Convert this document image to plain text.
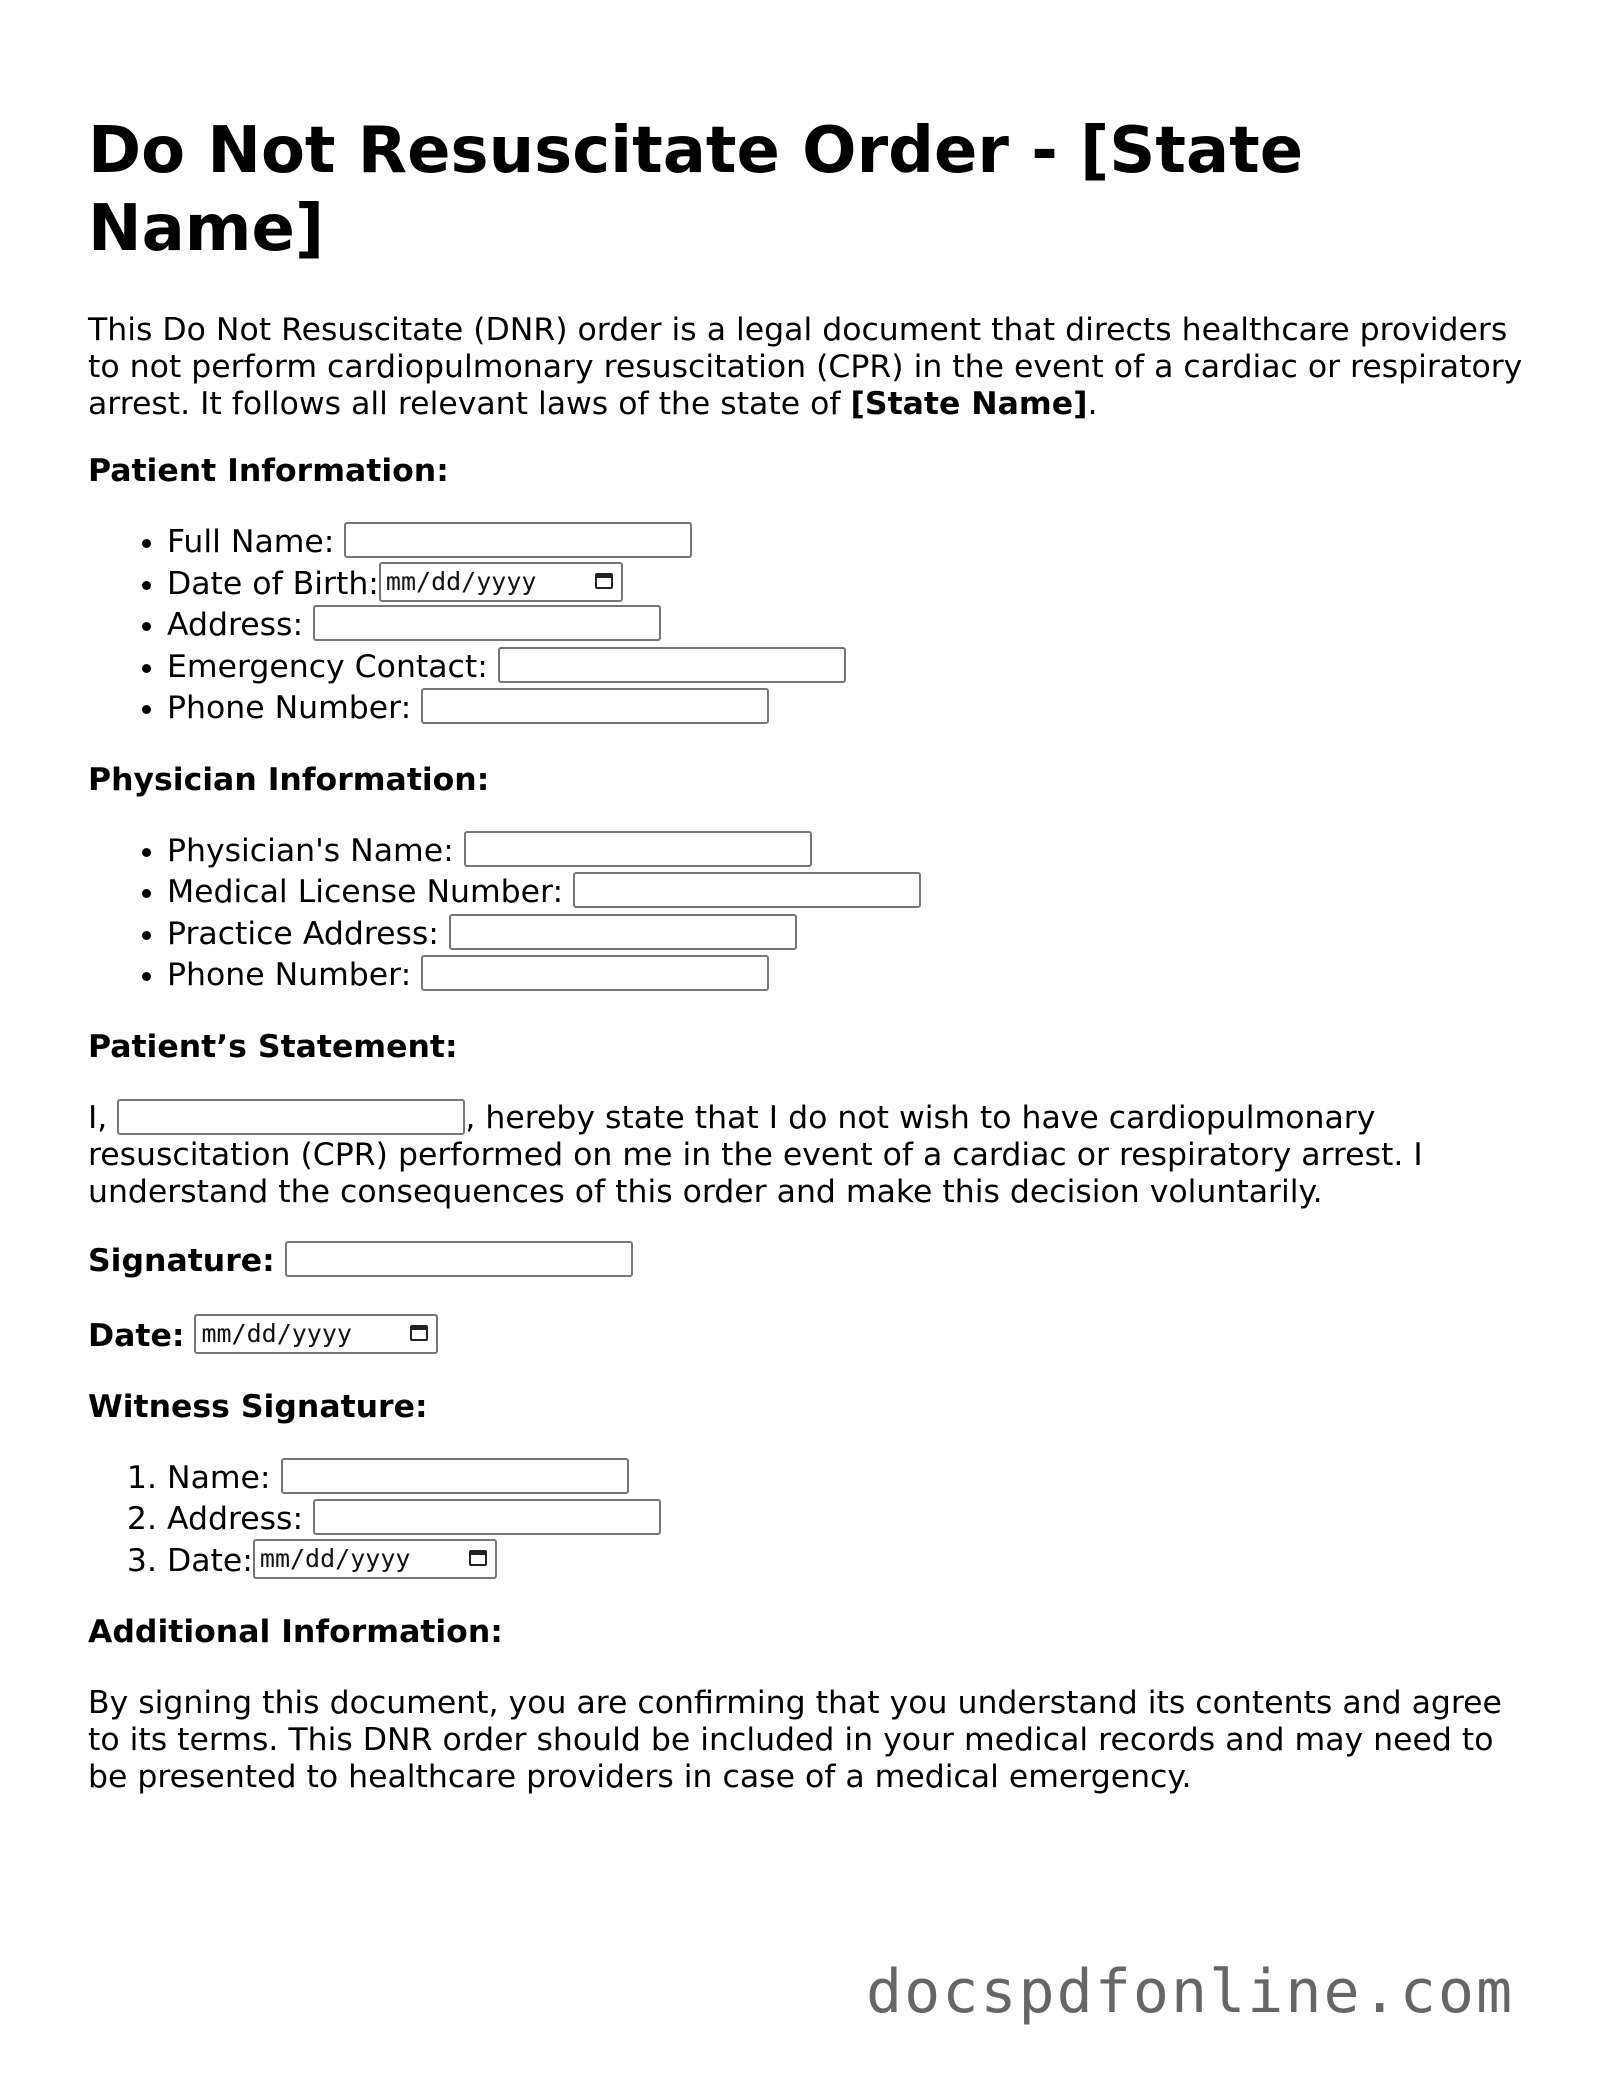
Do Not Resuscitate Order - [State Name]

This Do Not Resuscitate (DNR) order is a legal document that directs healthcare providers to not perform cardiopulmonary resuscitation (CPR) in the event of a cardiac or respiratory arrest. It follows all relevant laws of the state of [State Name].

Patient Information:
• Full Name:
• Date of Birth: mm/dd/yyyy
• Address:
• Emergency Contact:
• Phone Number:
Physician Information:
• Physician's Name:
• Medical License Number:
• Practice Address:
• Phone Number:
Patient’s Statement:

I,	, hereby state that I do not wish to have cardiopulmonary resuscitation (CPR) performed on me in the event of a cardiac or respiratory arrest. I understand the consequences of this order and make this decision voluntarily.

Signature:
Date: mm/dd/yyyy
Witness Signature:
1. Name:
2. Address:
3. Date: mm/dd/yyyy
Additional Information:

By signing this document, you are confirming that you understand its contents and agree to its terms. This DNR order should be included in your medical records and may need to be presented to healthcare providers in case of a medical emergency.

docspdfonline.com
